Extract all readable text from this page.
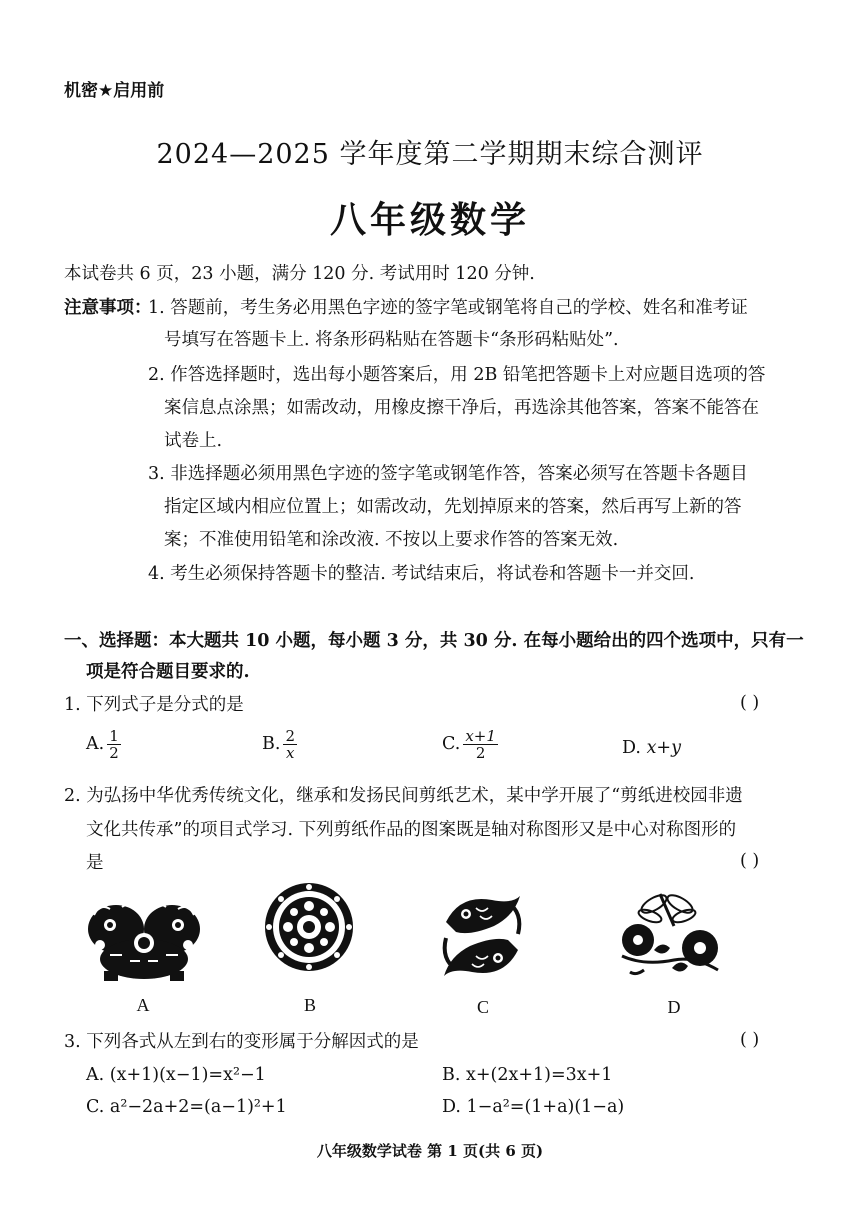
机密★启用前
2024—2025 学年度第二学期期末综合测评
八年级数学
本试卷共 6 页，23 小题，满分 120 分. 考试用时 120 分钟.
注意事项：
1. 答题前，考生务必用黑色字迹的签字笔或钢笔将自己的学校、姓名和准考证
号填写在答题卡上. 将条形码粘贴在答题卡“条形码粘贴处”.
2. 作答选择题时，选出每小题答案后，用 2B 铅笔把答题卡上对应题目选项的答
案信息点涂黑；如需改动，用橡皮擦干净后，再选涂其他答案，答案不能答在
试卷上.
3. 非选择题必须用黑色字迹的签字笔或钢笔作答，答案必须写在答题卡各题目
指定区域内相应位置上；如需改动，先划掉原来的答案，然后再写上新的答
案；不准使用铅笔和涂改液. 不按以上要求作答的答案无效.
4. 考生必须保持答题卡的整洁. 考试结束后，将试卷和答题卡一并交回.
一、选择题：本大题共 10 小题，每小题 3 分，共 30 分. 在每小题给出的四个选项中，只有一
项是符合题目要求的.
1. 下列式子是分式的是	( )
A. $\frac{1}{2}$	B. $\frac{2}{x}$	C. $\frac{x+1}{2}$	D. x+y
2. 为弘扬中华优秀传统文化，继承和发扬民间剪纸艺术，某中学开展了“剪纸进校园非遗
文化共传承”的项目式学习. 下列剪纸作品的图案既是轴对称图形又是中心对称图形的
是	( )
A	B	C	D
3. 下列各式从左到右的变形属于分解因式的是	( )
A. (x+1)(x−1)=x²−1	B. x+(2x+1)=3x+1
C. a²−2a+2=(a−1)²+1	D. 1−a²=(1+a)(1−a)
八年级数学试卷 第 1 页(共 6 页)
